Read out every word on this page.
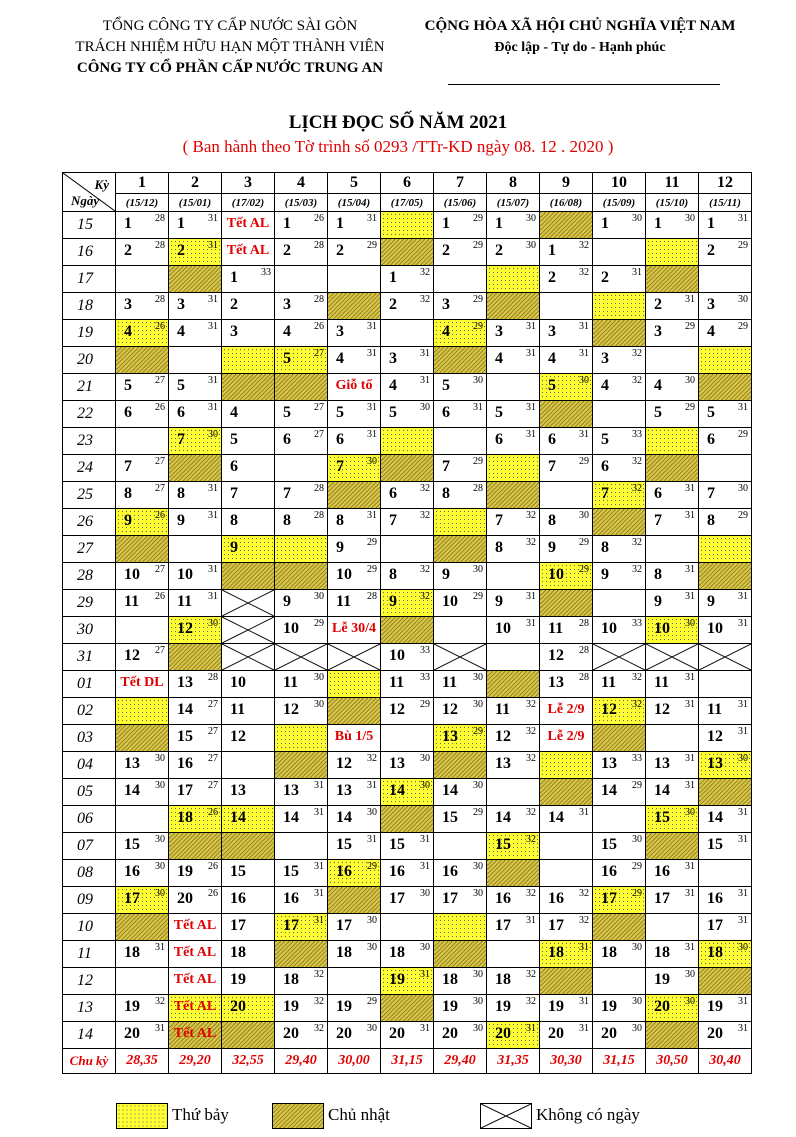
TỔNG CÔNG TY CẤP NƯỚC SÀI GÒN
TRÁCH NHIỆM HỮU HẠN MỘT THÀNH VIÊN
CÔNG TY CỔ PHẦN CẤP NƯỚC TRUNG AN
CỘNG HÒA XÃ HỘI CHỦ NGHĨA VIỆT NAM
Độc lập - Tự do - Hạnh phúc
LỊCH ĐỌC SỐ NĂM 2021
( Ban hành theo Tờ trình số 0293 /TTr-KD ngày 08. 12 . 2020 )
Kỳ
Ngày	1	2	3	4	5	6	7	8	9	10	11	12
	(15/12)	(15/01)	(17/02)	(15/03)	(15/04)	(17/05)	(15/06)	(15/07)	(16/08)	(15/09)	(15/10)	(15/11)
15	1 28	1 31	Tết AL	1 26	1 31		1 29	1 30		1 30	1 30	1 31

16	2 28	2 31	Tết AL	2 28	2 29		2 29	2 30	1 32			2 29

17			1 33			1 32			2 32	2 31		

18	3 28	3 31	2	3 28		2 32	3 29				2 31	3 30

19	4 26	4 31	3	4 26	3 31		4 29	3 31	3 31		3 29	4 29

20				5 27	4 31	3 31		4 31	4 31	3 32		

21	5 27	5 31			Giỗ tổ	4 31	5 30		5 30	4 32	4 30	

22	6 26	6 31	4	5 27	5 31	5 30	6 31	5 31			5 29	5 31

23		7 30	5	6 27	6 31			6 31	6 31	5 33		6 29

24	7 27		6		7 30		7 29		7 29	6 32		

25	8 27	8 31	7	7 28		6 32	8 28			7 32	6 31	7 30

26	9 26	9 31	8	8 28	8 31	7 32		7 32	8 30		7 31	8 29

27			9		9 29			8 32	9 29	8 32		

28	10 27	10 31			10 29	8 32	9 30		10 29	9 32	8 31	

29	11 26	11 31		9 30	11 28	9 32	10 29	9 31			9 31	9 31

30		12 30		10 29	Lễ 30/4			10 31	11 28	10 33	10 30	10 31

31	12 27					10 33			12 28

01	Tết DL	13 28	10	11 30		11 33	11 30		13 28	11 32	11 31	

02		14 27	11	12 30		12 29	12 30	11 32	Lễ 2/9	12 32	12 31	11 31

03		15 27	12		Bù 1/5		13 29	12 32	Lễ 2/9			12 31

04	13 30	16 27			12 32	13 30		13 32		13 33	13 31	13 30

05	14 30	17 27	13	13 31	13 31	14 30	14 30			14 29	14 31	

06		18 26	14	14 31	14 30		15 29	14 32	14 31		15 30	14 31

07	15 30				15 31	15 31		15 32		15 30		15 31

08	16 30	19 26	15	15 31	16 29	16 31	16 30			16 29	16 31	

09	17 30	20 26	16	16 31		17 30	17 30	16 32	16 32	17 29	17 31	16 31

10		Tết AL	17	17 31	17 30			17 31	17 32			17 31

11	18 31	Tết AL	18		18 30	18 30			18 31	18 30	18 31	18 30

12		Tết AL	19	18 32		19 31	18 30	18 32			19 30	

13	19 32	Tết AL	20	19 32	19 29		19 30	19 32	19 31	19 30	20 30	19 31

14	20 31	Tết AL		20 32	20 30	20 31	20 30	20 31	20 31	20 30		20 31

Chu kỳ	28,35	29,20	32,55	29,40	30,00	31,15	29,40	31,35	30,30	31,15	30,50	30,40
Thứ bảy	Chủ nhật	Không có ngày
